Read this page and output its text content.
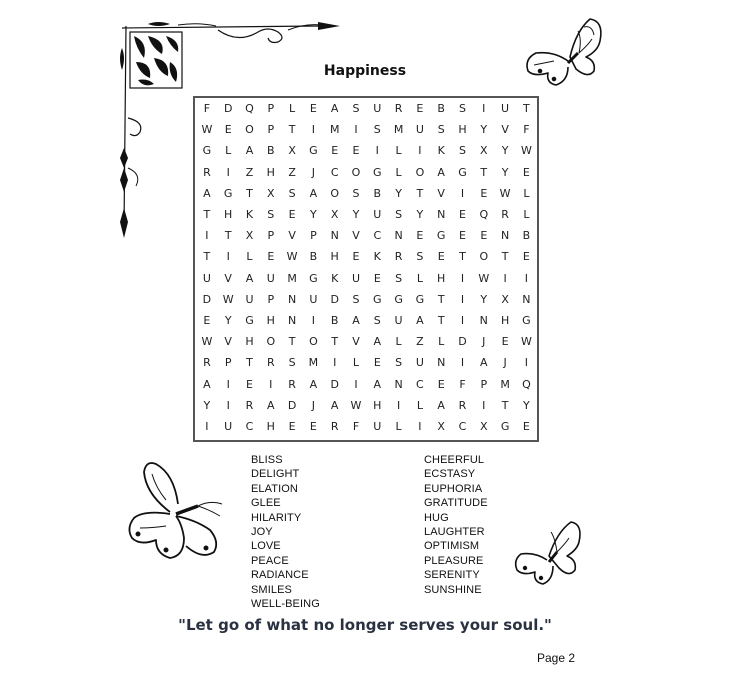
Happiness
F	D	Q	P	L	E	A	S	U	R	E	B	S	I	U	T
W	E	O	P	T	I	M	I	S	M	U	S	H	Y	V	F
G	L	A	B	X	G	E	E	I	L	I	K	S	X	Y	W
R	I	Z	H	Z	J	C	O	G	L	O	A	G	T	Y	E
A	G	T	X	S	A	O	S	B	Y	T	V	I	E	W	L
T	H	K	S	E	Y	X	Y	U	S	Y	N	E	Q	R	L
I	T	X	P	V	P	N	V	C	N	E	G	E	E	N	B
T	I	L	E	W	B	H	E	K	R	S	E	T	O	T	E
U	V	A	U	M	G	K	U	E	S	L	H	I	W	I	I
D	W	U	P	N	U	D	S	G	G	G	T	I	Y	X	N
E	Y	G	H	N	I	B	A	S	U	A	T	I	N	H	G
W	V	H	O	T	O	T	V	A	L	Z	L	D	J	E	W
R	P	T	R	S	M	I	L	E	S	U	N	I	A	J	I
A	I	E	I	R	A	D	I	A	N	C	E	F	P	M	Q
Y	I	R	A	D	J	A	W	H	I	L	A	R	I	T	Y
I	U	C	H	E	E	R	F	U	L	I	X	C	X	G	E
BLISS
DELIGHT
ELATION
GLEE
HILARITY
JOY
LOVE
PEACE
RADIANCE
SMILES
WELL-BEING
CHEERFUL
ECSTASY
EUPHORIA
GRATITUDE
HUG
LAUGHTER
OPTIMISM
PLEASURE
SERENITY
SUNSHINE
"Let go of what no longer serves your soul."
Page 2
